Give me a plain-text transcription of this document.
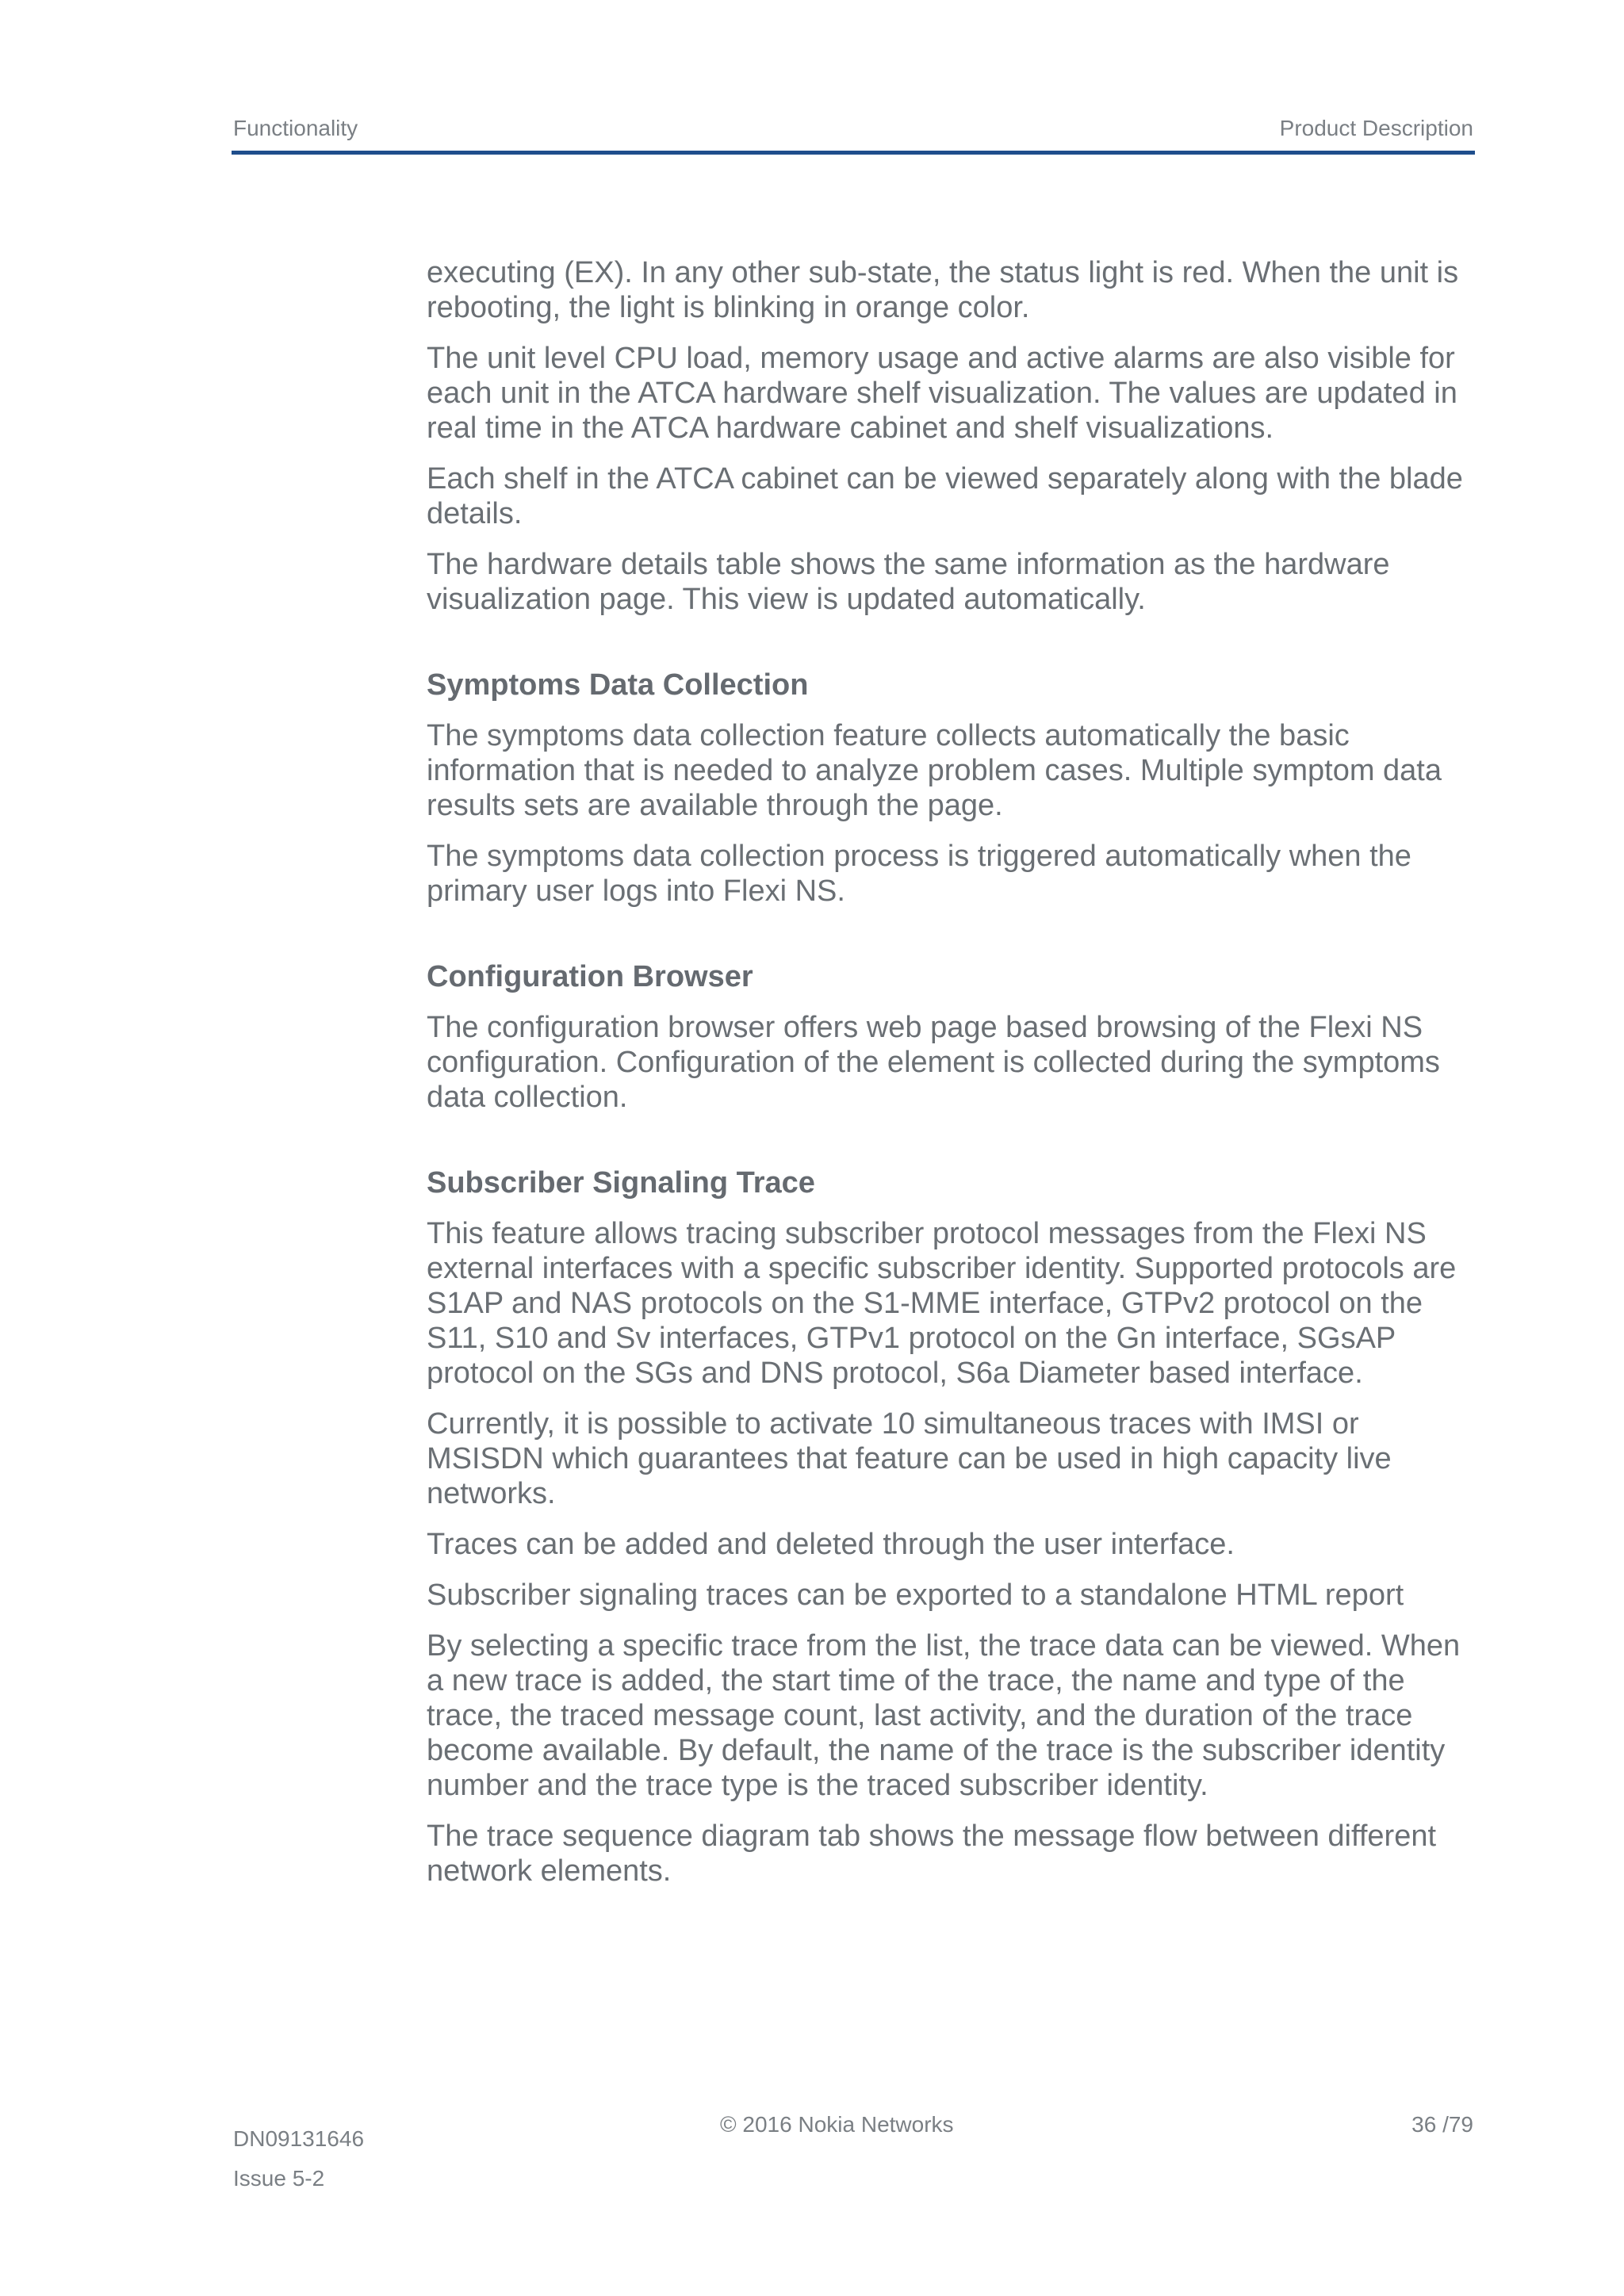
Functionality	Product Description

executing (EX). In any other sub-state, the status light is red. When the unit is rebooting, the light is blinking in orange color.

The unit level CPU load, memory usage and active alarms are also visible for each unit in the ATCA hardware shelf visualization. The values are updated in real time in the ATCA hardware cabinet and shelf visualizations.

Each shelf in the ATCA cabinet can be viewed separately along with the blade details.

The hardware details table shows the same information as the hardware visualization page. This view is updated automatically.

Symptoms Data Collection

The symptoms data collection feature collects automatically the basic information that is needed to analyze problem cases. Multiple symptom data results sets are available through the page.

The symptoms data collection process is triggered automatically when the primary user logs into Flexi NS.

Configuration Browser

The configuration browser offers web page based browsing of the Flexi NS configuration. Configuration of the element is collected during the symptoms data collection.

Subscriber Signaling Trace

This feature allows tracing subscriber protocol messages from the Flexi NS external interfaces with a specific subscriber identity. Supported protocols are S1AP and NAS protocols on the S1-MME interface, GTPv2 protocol on the S11, S10 and Sv interfaces, GTPv1 protocol on the Gn interface, SGsAP protocol on the SGs and DNS protocol, S6a Diameter based interface.

Currently, it is possible to activate 10 simultaneous traces with IMSI or MSISDN which guarantees that feature can be used in high capacity live networks.

Traces can be added and deleted through the user interface.

Subscriber signaling traces can be exported to a standalone HTML report

By selecting a specific trace from the list, the trace data can be viewed. When a new trace is added, the start time of the trace, the name and type of the trace, the traced message count, last activity, and the duration of the trace become available. By default, the name of the trace is the subscriber identity number and the trace type is the traced subscriber identity.

The trace sequence diagram tab shows the message flow between different network elements.

DN09131646
Issue 5-2
© 2016 Nokia Networks	36 /79
